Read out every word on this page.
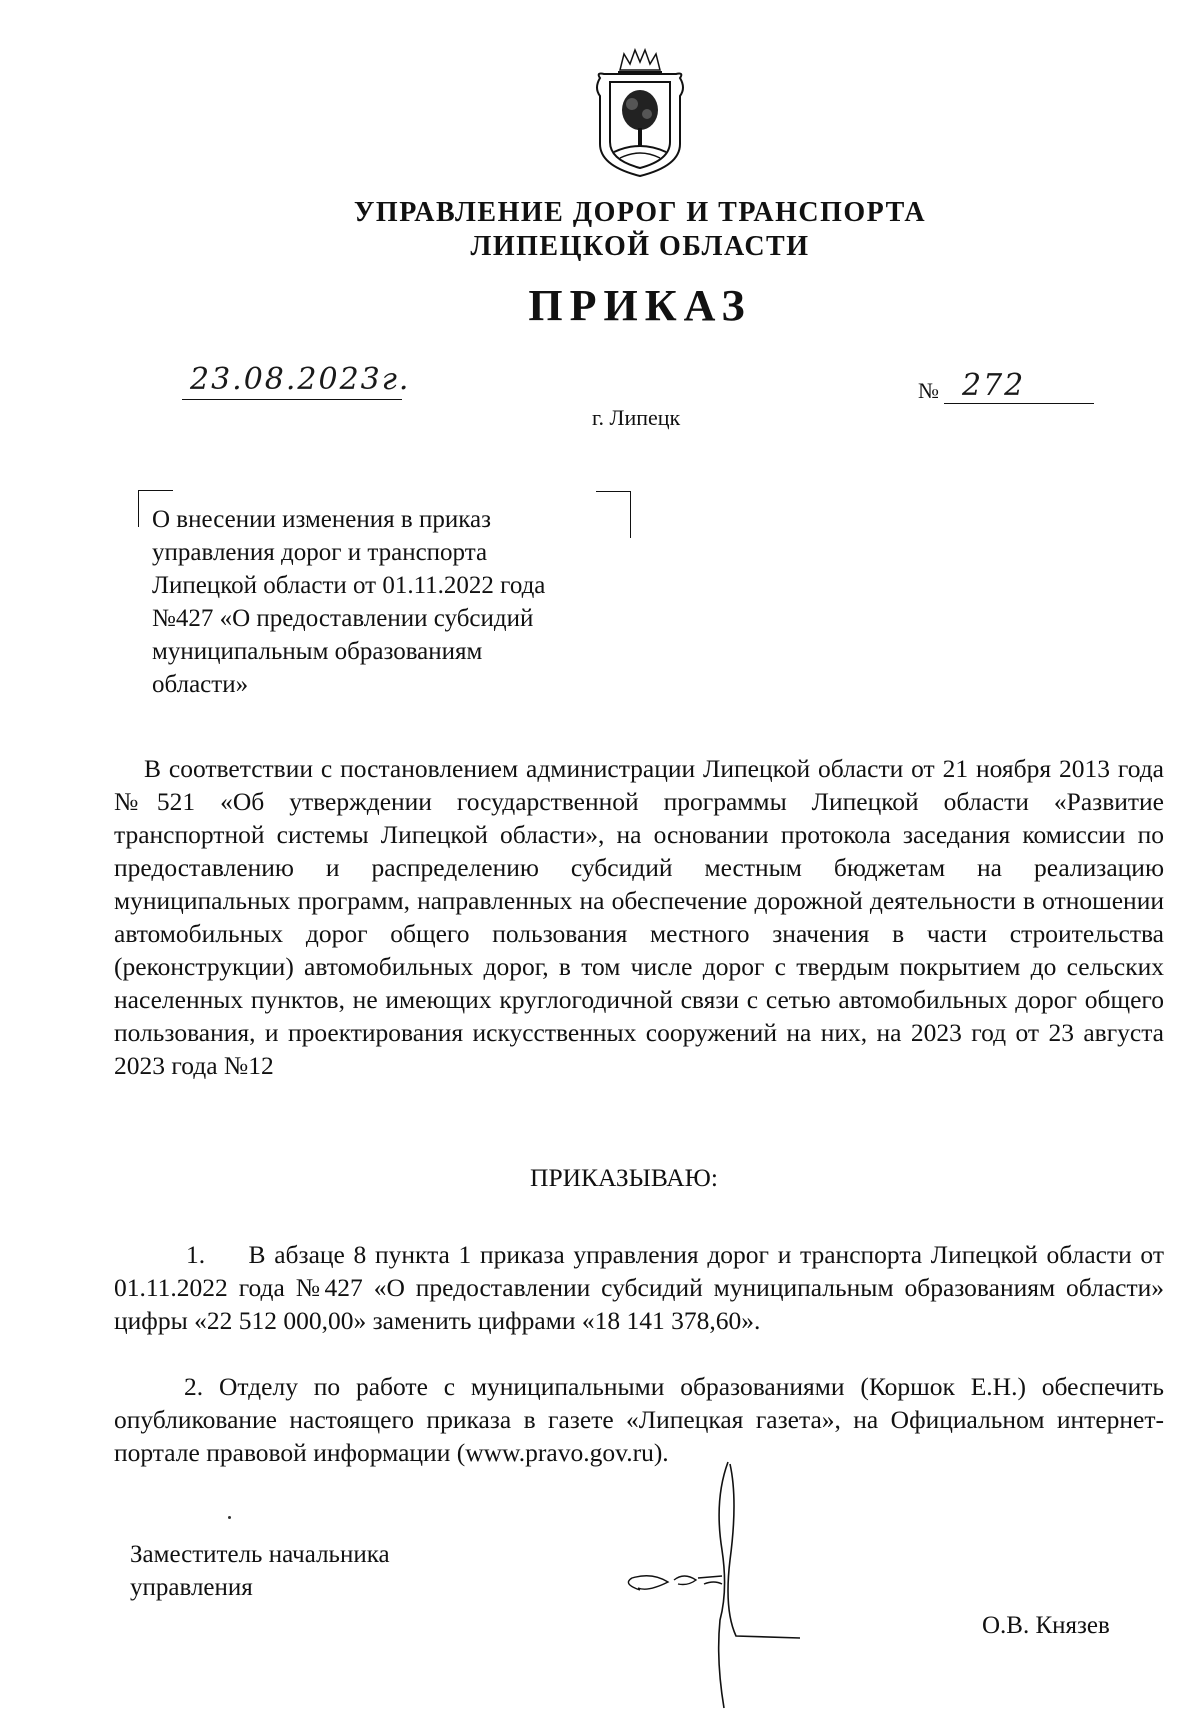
УПРАВЛЕНИЕ ДОРОГ И ТРАНСПОРТА
ЛИПЕЦКОЙ ОБЛАСТИ
ПРИКАЗ
23.08.2023г.	№ 272
г. Липецк
О внесении изменения в приказ
управления дорог и транспорта
Липецкой области от 01.11.2022 года
№427 «О предоставлении субсидий
муниципальным образованиям
области»
В соответствии с постановлением администрации Липецкой области от 21 ноября 2013 года №521 «Об утверждении государственной программы Липецкой области «Развитие транспортной системы Липецкой области», на основании протокола заседания комиссии по предоставлению и распределению субсидий местным бюджетам на реализацию муниципальных программ, направленных на обеспечение дорожной деятельности в отношении автомобильных дорог общего пользования местного значения в части строительства (реконструкции) автомобильных дорог, в том числе дорог с твердым покрытием до сельских населенных пунктов, не имеющих круглогодичной связи с сетью автомобильных дорог общего пользования, и проектирования искусственных сооружений на них, на 2023 год от 23 августа 2023 года №12
ПРИКАЗЫВАЮ:
1.     В абзаце 8 пункта 1 приказа управления дорог и транспорта Липецкой области от 01.11.2022 года №427 «О предоставлении субсидий муниципальным образованиям области» цифры «22 512 000,00» заменить цифрами «18 141 378,60».
2. Отделу по работе с муниципальными образованиями (Коршок Е.Н.) обеспечить опубликование настоящего приказа в газете «Липецкая газета», на Официальном интернет-портале правовой информации (www.pravo.gov.ru).
Заместитель начальника
управления
О.В. Князев
